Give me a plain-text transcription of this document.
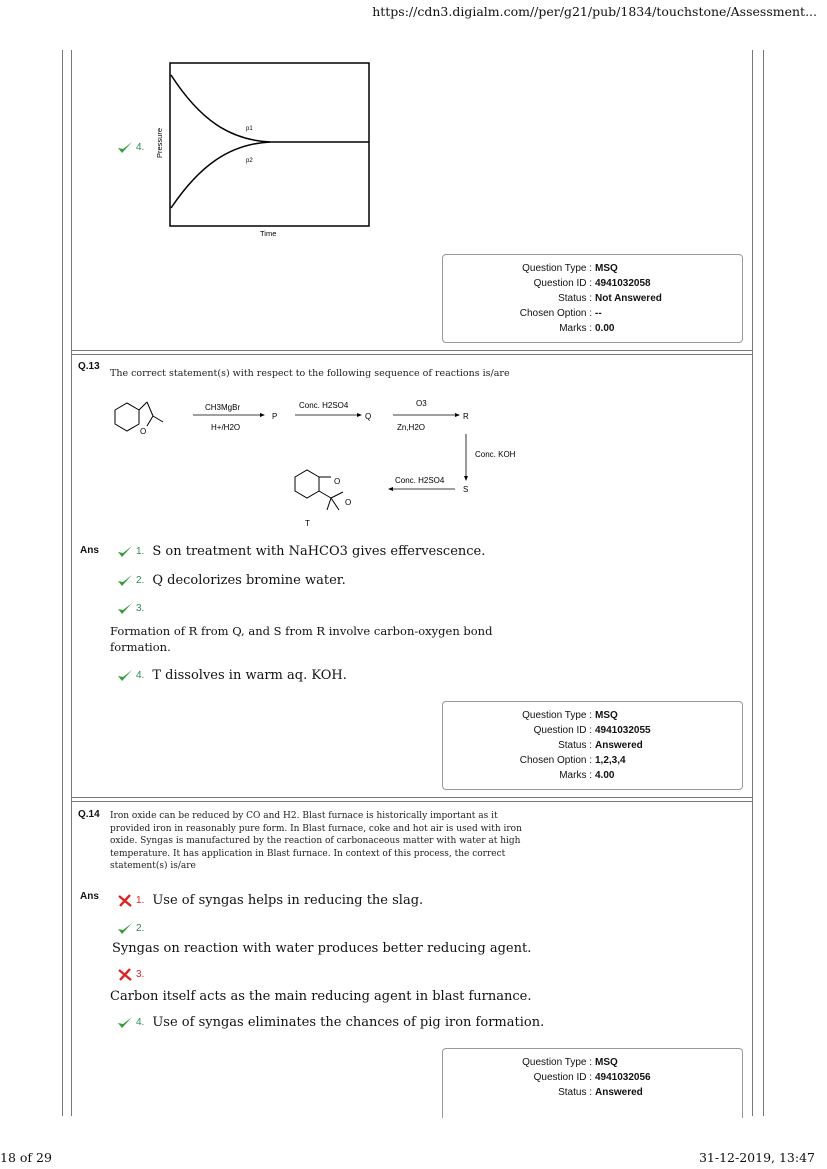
https://cdn3.digialm.com//per/g21/pub/1834/touchstone/Assessment...
18 of 29	31-12-2019, 13:47
4. Pressure
Time
p1
p2
Question Type : MSQ
Question ID : 4941032058
Status : Not Answered
Chosen Option : --
Marks : 0.00
Q.13
The correct statement(s) with respect to the following sequence of reactions is/are
O
CH3MgBr
H+/H2O
P
Conc. H2SO4
Q
O3
Zn,H2O
R
Conc. KOH
S
Conc. H2SO4
O
O
T
Ans	1. S on treatment with NaHCO3 gives effervescence.
2. Q decolorizes bromine water.
3.
Formation of R from Q, and S from R involve carbon-oxygen bond formation.
4. T dissolves in warm aq. KOH.
Question Type : MSQ
Question ID : 4941032055
Status : Answered
Chosen Option : 1,2,3,4
Marks : 4.00
Q.14 Iron oxide can be reduced by CO and H2. Blast furnace is historically important as it provided iron in reasonably pure form. In Blast furnace, coke and hot air is used with iron oxide. Syngas is manufactured by the reaction of carbonaceous matter with water at high temperature. It has application in Blast furnace. In context of this process, the correct statement(s) is/are
Ans	1. Use of syngas helps in reducing the slag.
2.
Syngas on reaction with water produces better reducing agent.
3.
Carbon itself acts as the main reducing agent in blast furnance.
4. Use of syngas eliminates the chances of pig iron formation.
Question Type : MSQ
Question ID : 4941032056
Status : Answered
